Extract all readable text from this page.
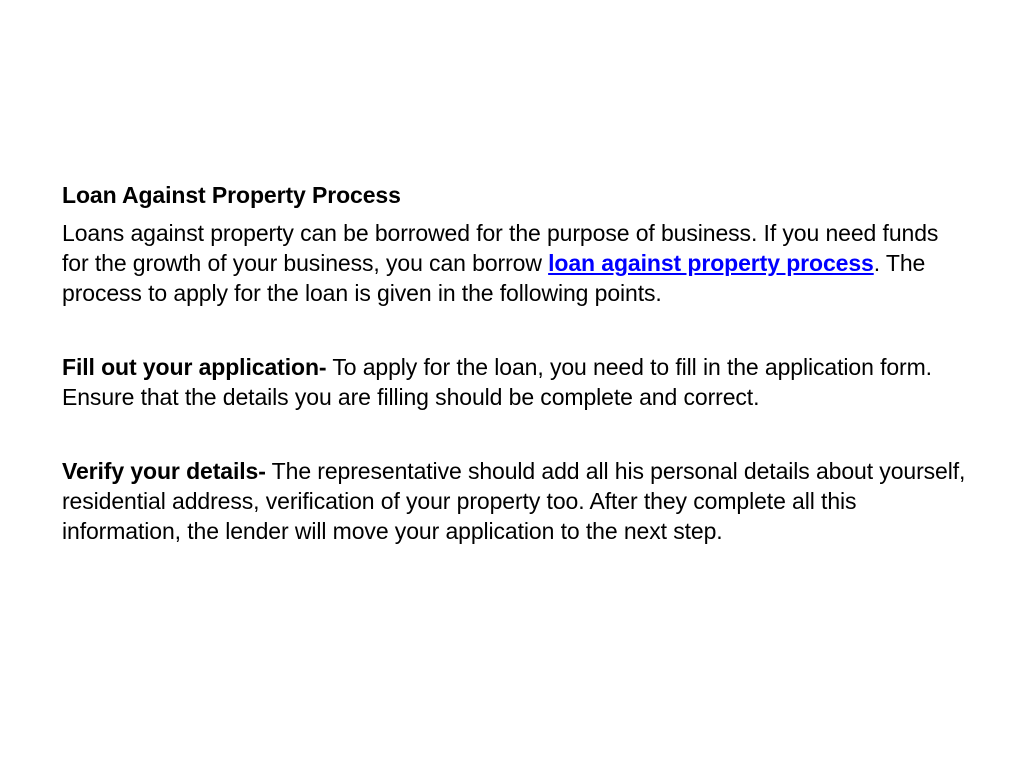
Loan Against Property Process

Loans against property can be borrowed for the purpose of business. If you need funds for the growth of your business, you can borrow loan against property process. The process to apply for the loan is given in the following points.

Fill out your application- To apply for the loan, you need to fill in the application form. Ensure that the details you are filling should be complete and correct.

Verify your details- The representative should add all his personal details about yourself, residential address, verification of your property too. After they complete all this information, the lender will move your application to the next step.
